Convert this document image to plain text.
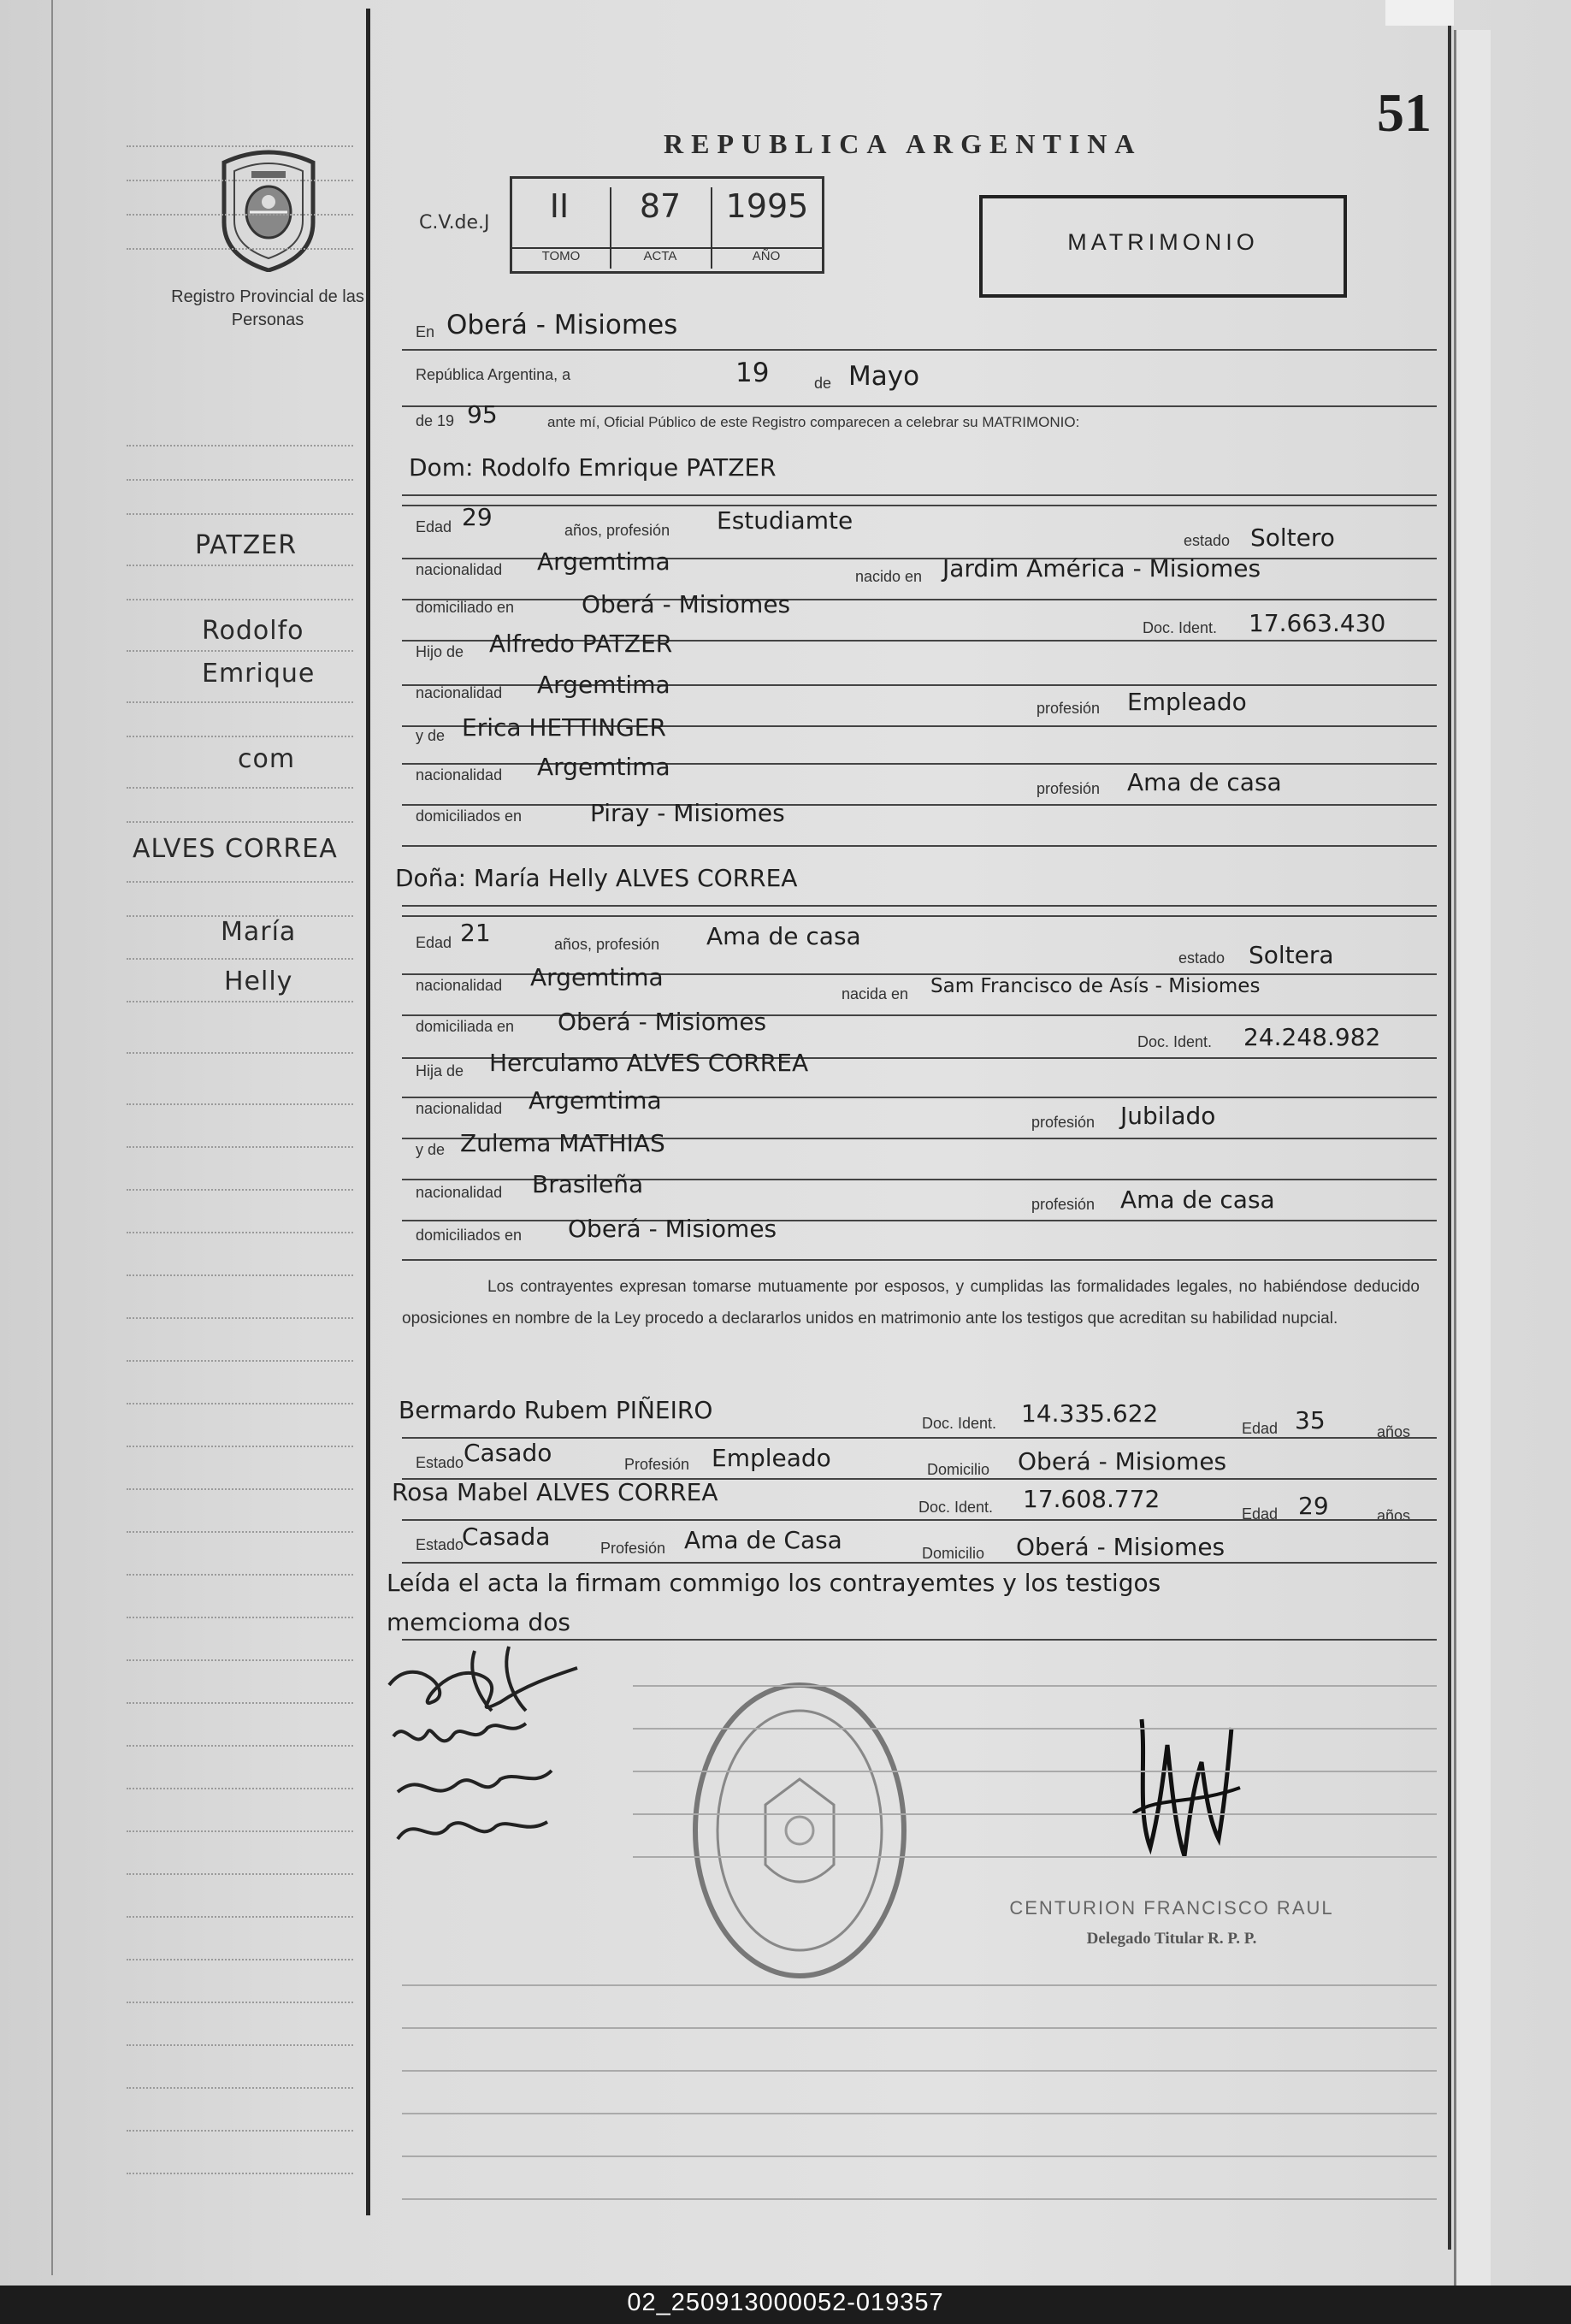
Registro Provincial de las Personas
PATZER
Rodolfo
Emrique
com
ALVES CORREA
María
Helly
REPUBLICA ARGENTINA
51
C.V.de.J	II	87	1995
TOMO	ACTA	AÑO
MATRIMONIO
En Oberá - Misiomes
República Argentina, a	19	de Mayo
de 19 95	ante mí, Oficial Público de este Registro comparecen a celebrar su MATRIMONIO:
Dom: Rodolfo Emrique PATZER
Edad 29	años, profesión Estudiamte
estado Soltero
nacionalidad Argemtima
nacido en Jardim América - Misiomes
domiciliado en	Oberá - Misiomes
Doc. Ident. 17.663.430
Hijo de Alfredo PATZER
nacionalidad Argemtima
profesión Empleado
y de Erica HETTINGER
nacionalidad Argemtima
profesión Ama de casa
domiciliados en	Piray - Misiomes
Doña: María Helly ALVES CORREA
Edad 21	años, profesión Ama de casa
estado Soltera
nacionalidad Argemtima
nacida en Sam Francisco de Asís - Misiomes
domiciliada en Oberá - Misiomes
Doc. Ident. 24.248.982
Hija de Herculamo ALVES CORREA
nacionalidad Argemtima
profesión Jubilado
y de Zulema MATHIAS
nacionalidad Brasileña
profesión Ama de casa
domiciliados en Oberá - Misiomes
Los contrayentes expresan tomarse mutuamente por esposos, y cumplidas las formalidades legales, no habiéndose deducido oposiciones en nombre de la Ley procedo a declararlos unidos en matrimonio ante los testigos que acreditan su habilidad nupcial.
Bermardo Rubem PIÑEIRO	Doc. Ident. 14.335.622
Edad 35	años
Estado Casado	Profesión Empleado	Domicilio Oberá - Misiomes
Rosa Mabel ALVES CORREA
Doc. Ident. 17.608.772
Edad 29	años
Estado
Casada	Profesión Ama de Casa	Domicilio Oberá - Misiomes
Leída el acta la firmam commigo los contrayemtes y los testigos
memcioma dos
CENTURION FRANCISCO RAUL
Delegado Titular R. P. P.
02_250913000052-019357
